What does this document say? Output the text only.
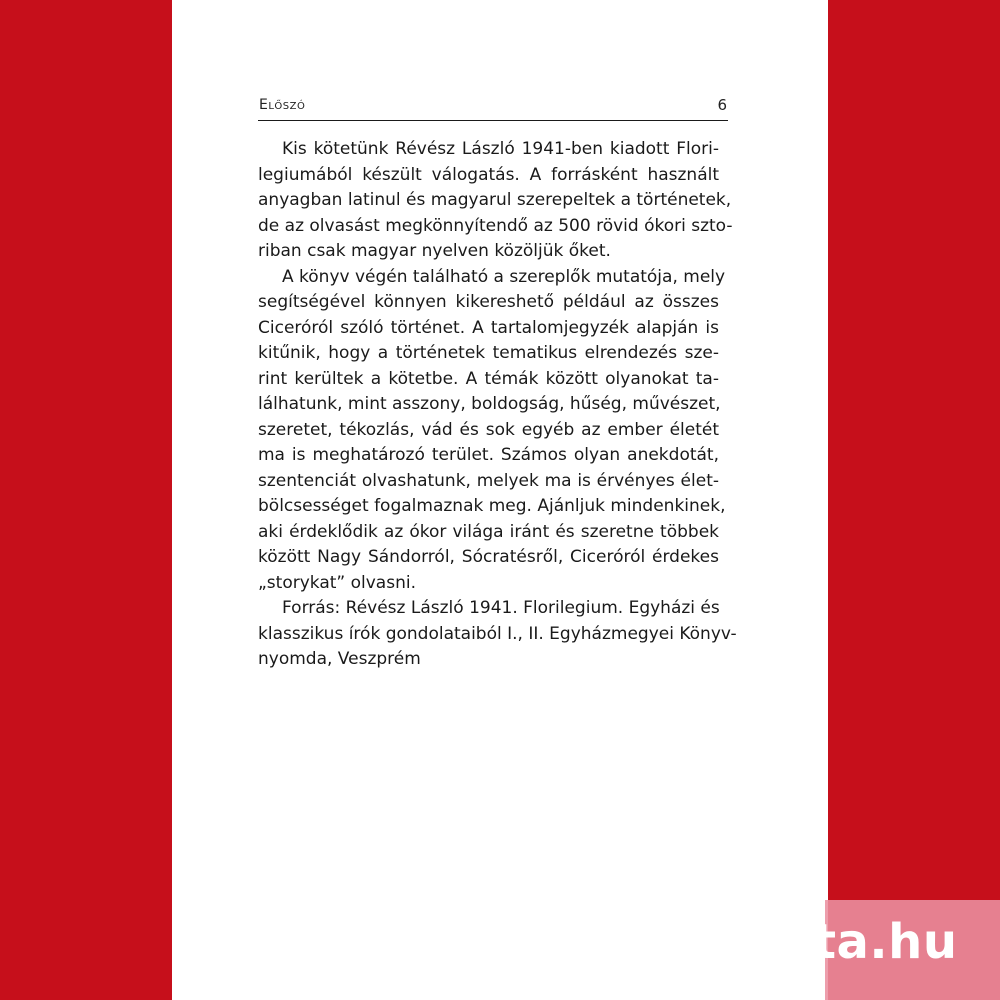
Előszó	6
Kis kötetünk Révész László 1941-ben kiadott Flori-
legiumából készült válogatás. A forrásként használt
anyagban latinul és magyarul szerepeltek a történetek,
de az olvasást megkönnyítendő az 500 rövid ókori szto-
riban csak magyar nyelven közöljük őket.
A könyv végén található a szereplők mutatója, mely
segítségével könnyen kikereshető például az összes
Ciceróról szóló történet. A tartalomjegyzék alapján is
kitűnik, hogy a történetek tematikus elrendezés sze-
rint kerültek a kötetbe. A témák között olyanokat ta-
lálhatunk, mint asszony, boldogság, hűség, művészet,
szeretet, tékozlás, vád és sok egyéb az ember életét
ma is meghatározó terület. Számos olyan anekdotát,
szentenciát olvashatunk, melyek ma is érvényes élet-
bölcsességet fogalmaznak meg. Ajánljuk mindenkinek,
aki érdeklődik az ókor világa iránt és szeretne többek
között Nagy Sándorról, Sócratésről, Ciceróról érdekes
„storykat” olvasni.
Forrás: Révész László 1941. Florilegium. Egyházi és
klasszikus írók gondolataiból I., II. Egyházmegyei Könyv-
nyomda, Veszprém
tinta.hu
